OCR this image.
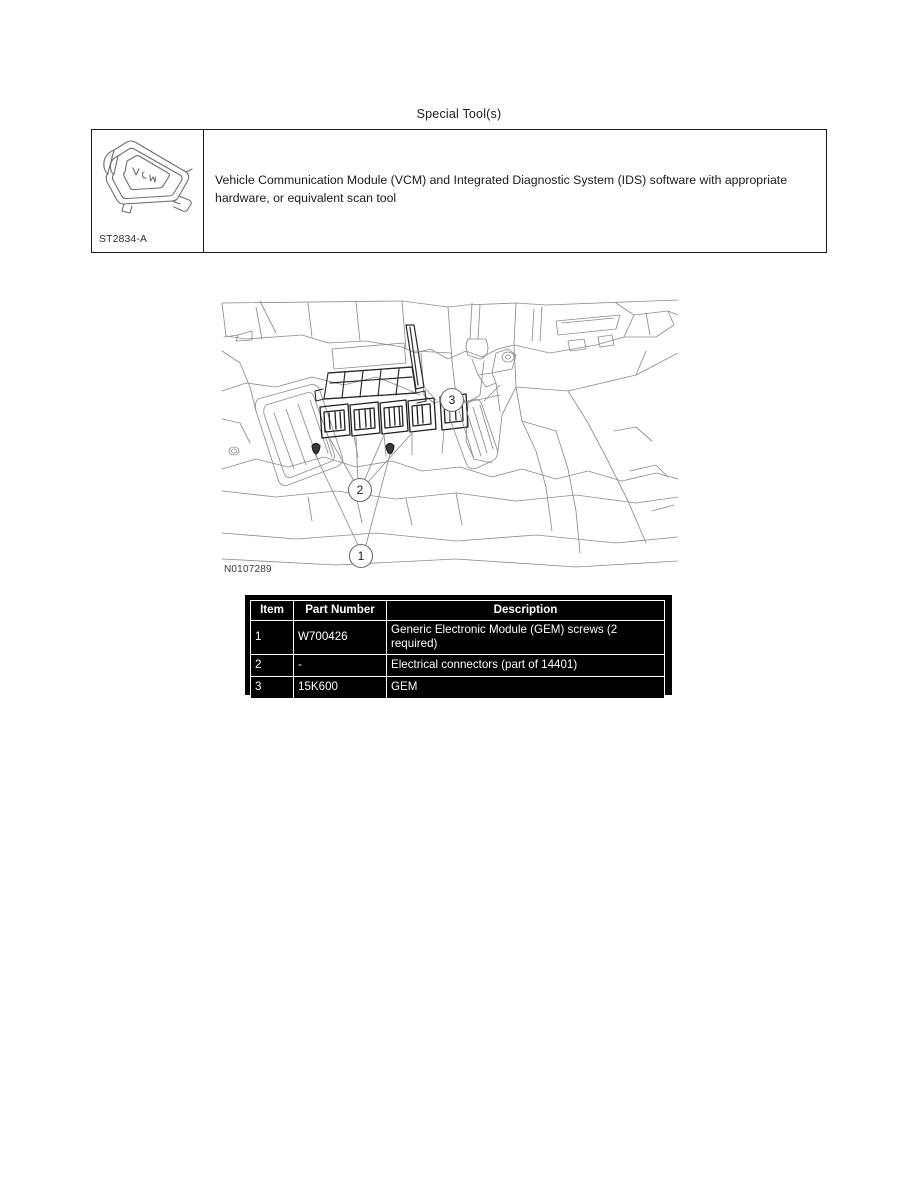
Special Tool(s)
ST2834-A
Vehicle Communication Module (VCM) and Integrated Diagnostic System (IDS) software with appropriate hardware, or equivalent scan tool
1
2
3
N0107289
Item	Part Number	Description
1	W700426	Generic Electronic Module (GEM) screws (2 required)
2	-	Electrical connectors (part of 14401)
3	15K600	GEM
